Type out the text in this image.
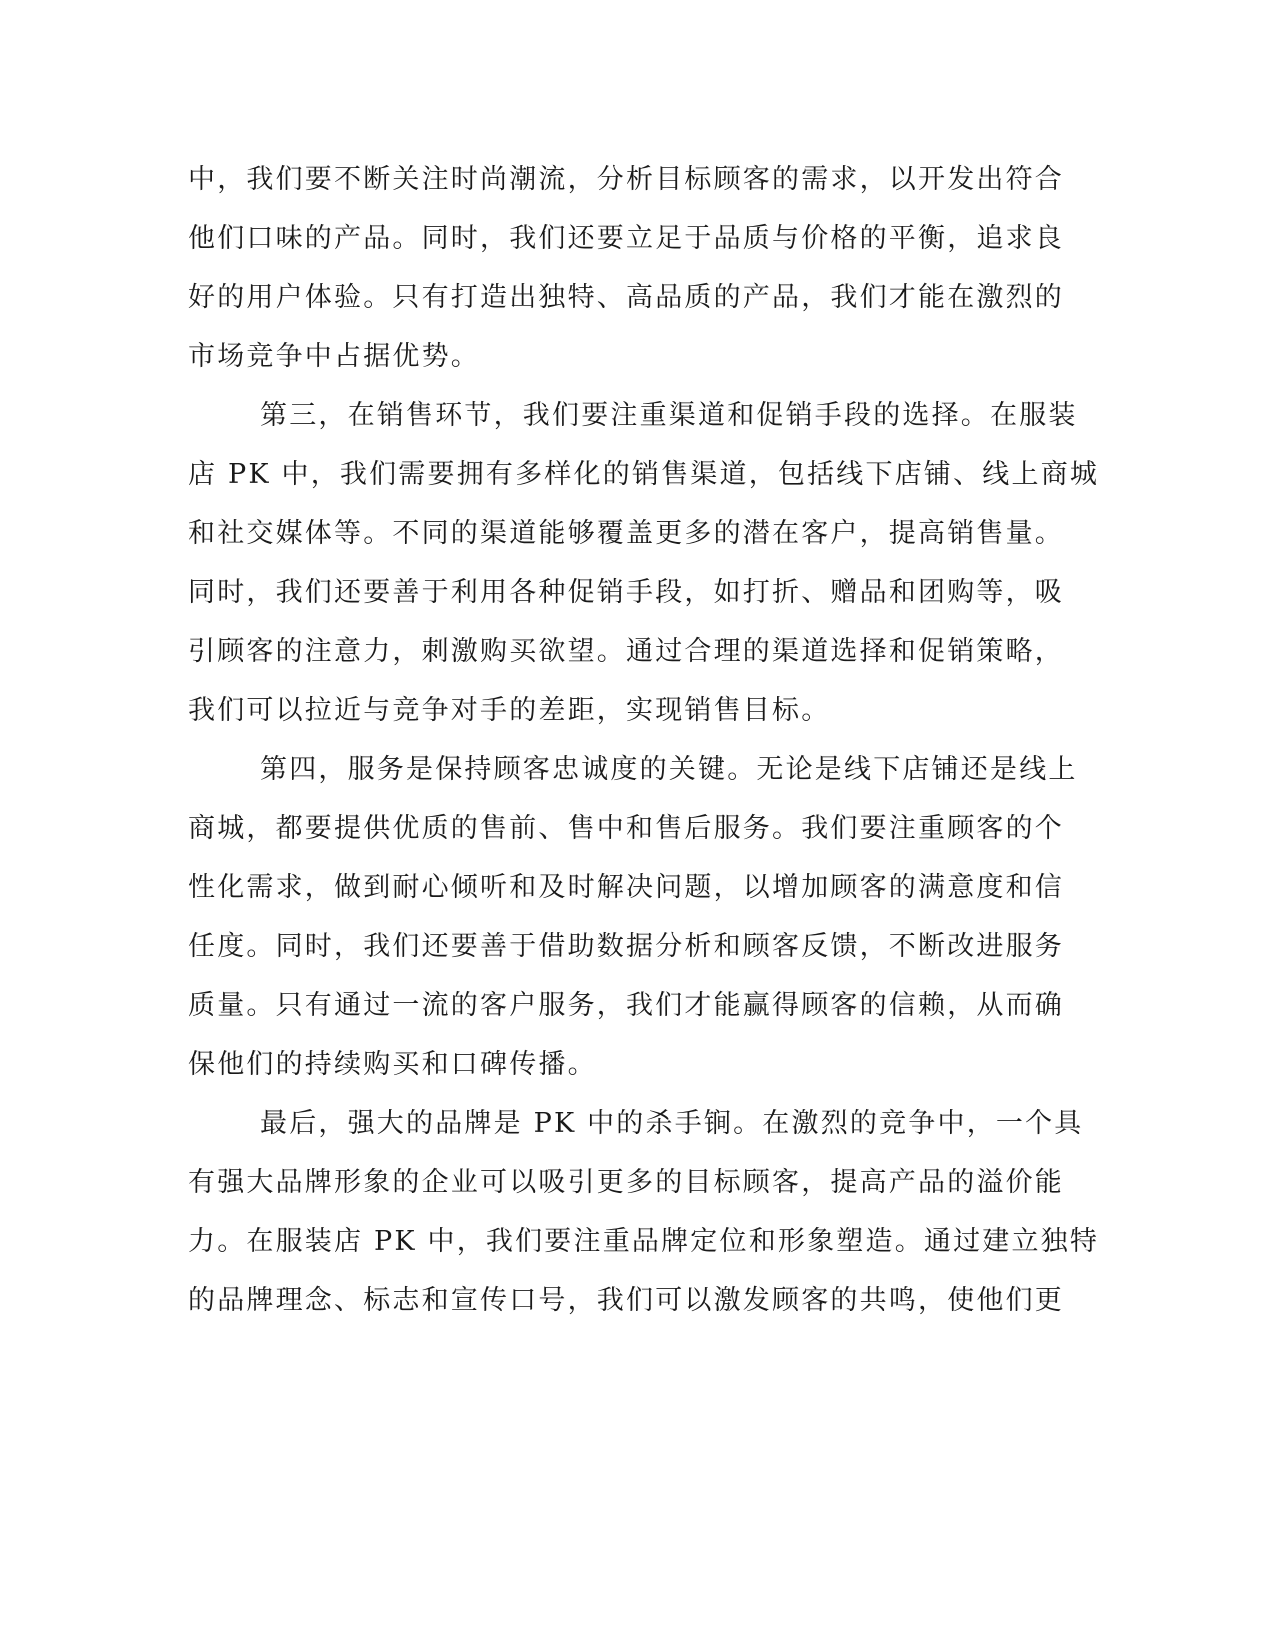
中，我们要不断关注时尚潮流，分析目标顾客的需求，以开发出符合
他们口味的产品。同时，我们还要立足于品质与价格的平衡，追求良
好的用户体验。只有打造出独特、高品质的产品，我们才能在激烈的
市场竞争中占据优势。
第三，在销售环节，我们要注重渠道和促销手段的选择。在服装
店 PK 中，我们需要拥有多样化的销售渠道，包括线下店铺、线上商城
和社交媒体等。不同的渠道能够覆盖更多的潜在客户，提高销售量。
同时，我们还要善于利用各种促销手段，如打折、赠品和团购等，吸
引顾客的注意力，刺激购买欲望。通过合理的渠道选择和促销策略，
我们可以拉近与竞争对手的差距，实现销售目标。
第四，服务是保持顾客忠诚度的关键。无论是线下店铺还是线上
商城，都要提供优质的售前、售中和售后服务。我们要注重顾客的个
性化需求，做到耐心倾听和及时解决问题，以增加顾客的满意度和信
任度。同时，我们还要善于借助数据分析和顾客反馈，不断改进服务
质量。只有通过一流的客户服务，我们才能赢得顾客的信赖，从而确
保他们的持续购买和口碑传播。
最后，强大的品牌是 PK 中的杀手锏。在激烈的竞争中，一个具
有强大品牌形象的企业可以吸引更多的目标顾客，提高产品的溢价能
力。在服装店 PK 中，我们要注重品牌定位和形象塑造。通过建立独特
的品牌理念、标志和宣传口号，我们可以激发顾客的共鸣，使他们更
